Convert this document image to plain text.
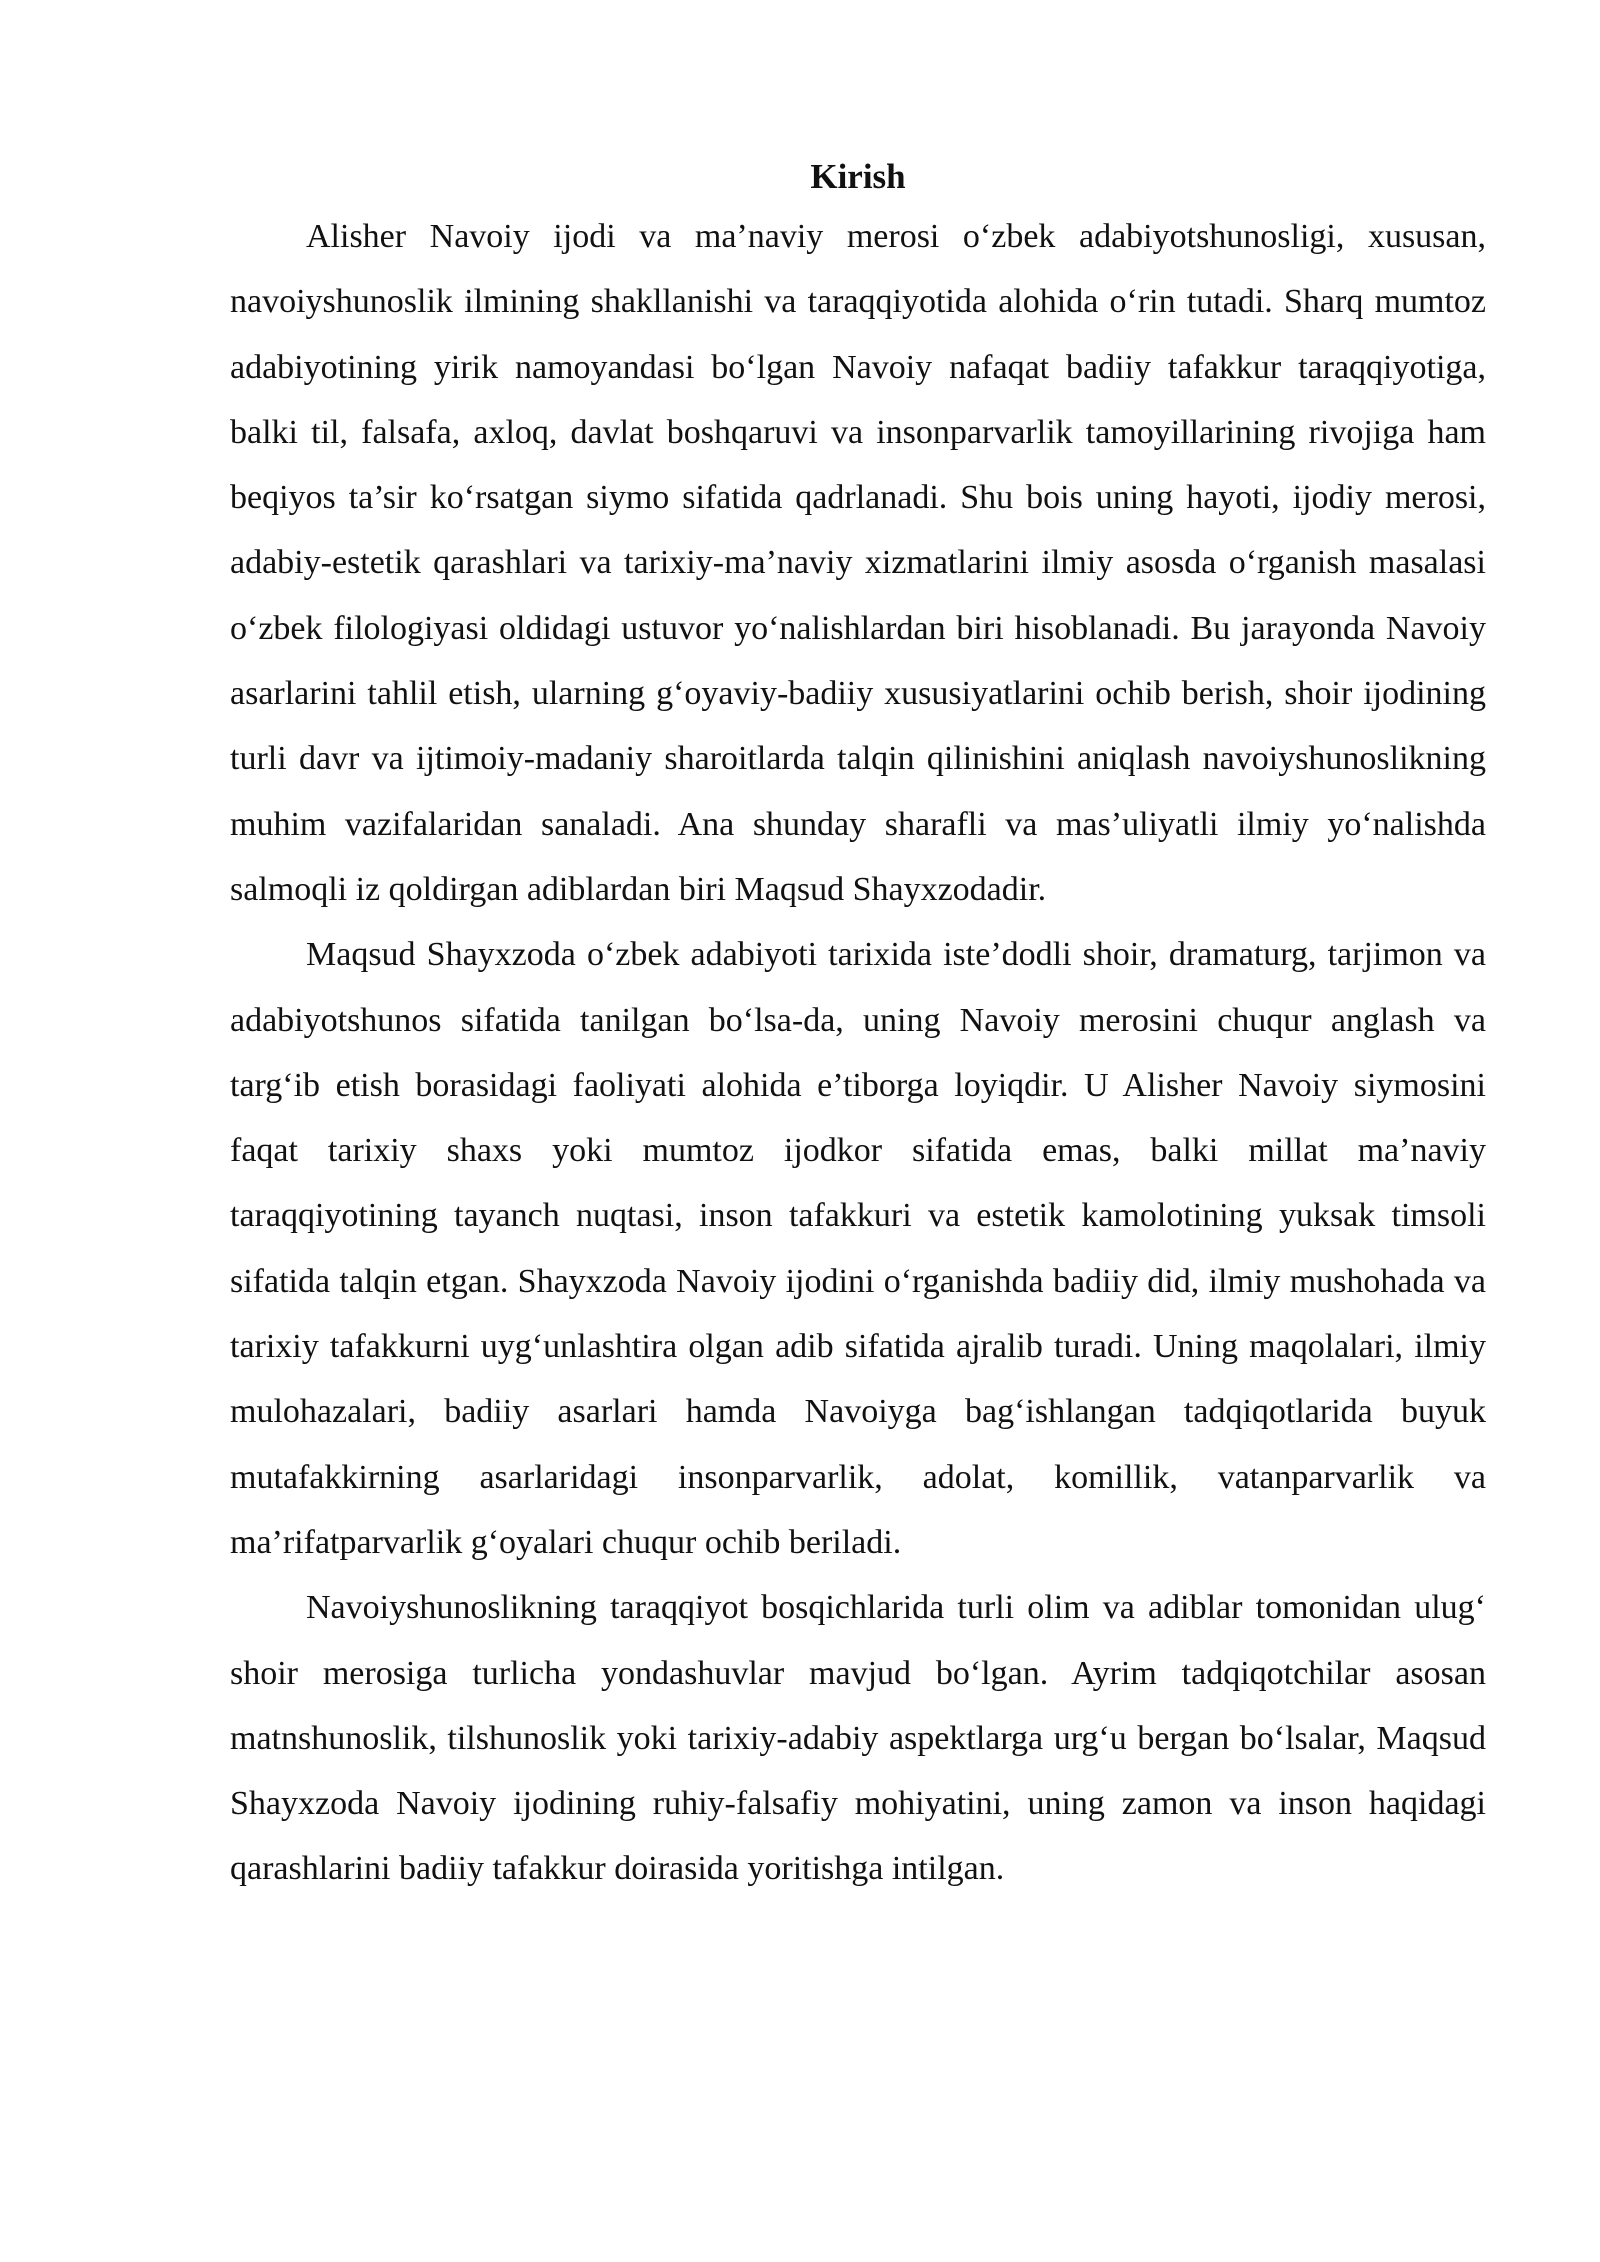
Kirish

Alisher Navoiy ijodi va ma’naviy merosi o‘zbek adabiyotshunosligi, xususan, navoiyshunoslik ilmining shakllanishi va taraqqiyotida alohida o‘rin tutadi. Sharq mumtoz adabiyotining yirik namoyandasi bo‘lgan Navoiy nafaqat badiiy tafakkur taraqqiyotiga, balki til, falsafa, axloq, davlat boshqaruvi va insonparvarlik tamoyillarining rivojiga ham beqiyos ta’sir ko‘rsatgan siymo sifatida qadrlanadi. Shu bois uning hayoti, ijodiy merosi, adabiy-estetik qarashlari va tarixiy-ma’naviy xizmatlarini ilmiy asosda o‘rganish masalasi o‘zbek filologiyasi oldidagi ustuvor yo‘nalishlardan biri hisoblanadi. Bu jarayonda Navoiy asarlarini tahlil etish, ularning g‘oyaviy-badiiy xususiyatlarini ochib berish, shoir ijodining turli davr va ijtimoiy-madaniy sharoitlarda talqin qilinishini aniqlash navoiyshunoslikning muhim vazifalaridan sanaladi. Ana shunday sharafli va mas’uliyatli ilmiy yo‘nalishda salmoqli iz qoldirgan adiblardan biri Maqsud Shayxzodadir.

Maqsud Shayxzoda o‘zbek adabiyoti tarixida iste’dodli shoir, dramaturg, tarjimon va adabiyotshunos sifatida tanilgan bo‘lsa-da, uning Navoiy merosini chuqur anglash va targ‘ib etish borasidagi faoliyati alohida e’tiborga loyiqdir. U Alisher Navoiy siymosini faqat tarixiy shaxs yoki mumtoz ijodkor sifatida emas, balki millat ma’naviy taraqqiyotining tayanch nuqtasi, inson tafakkuri va estetik kamolotining yuksak timsoli sifatida talqin etgan. Shayxzoda Navoiy ijodini o‘rganishda badiiy did, ilmiy mushohada va tarixiy tafakkurni uyg‘unlashtira olgan adib sifatida ajralib turadi. Uning maqolalari, ilmiy mulohazalari, badiiy asarlari hamda Navoiyga bag‘ishlangan tadqiqotlarida buyuk mutafakkirning asarlaridagi insonparvarlik, adolat, komillik, vatanparvarlik va ma’rifatparvarlik g‘oyalari chuqur ochib beriladi.

Navoiyshunoslikning taraqqiyot bosqichlarida turli olim va adiblar tomonidan ulug‘ shoir merosiga turlicha yondashuvlar mavjud bo‘lgan. Ayrim tadqiqotchilar asosan matnshunoslik, tilshunoslik yoki tarixiy-adabiy aspektlarga urg‘u bergan bo‘lsalar, Maqsud Shayxzoda Navoiy ijodining ruhiy-falsafiy mohiyatini, uning zamon va inson haqidagi qarashlarini badiiy tafakkur doirasida yoritishga intilgan.
